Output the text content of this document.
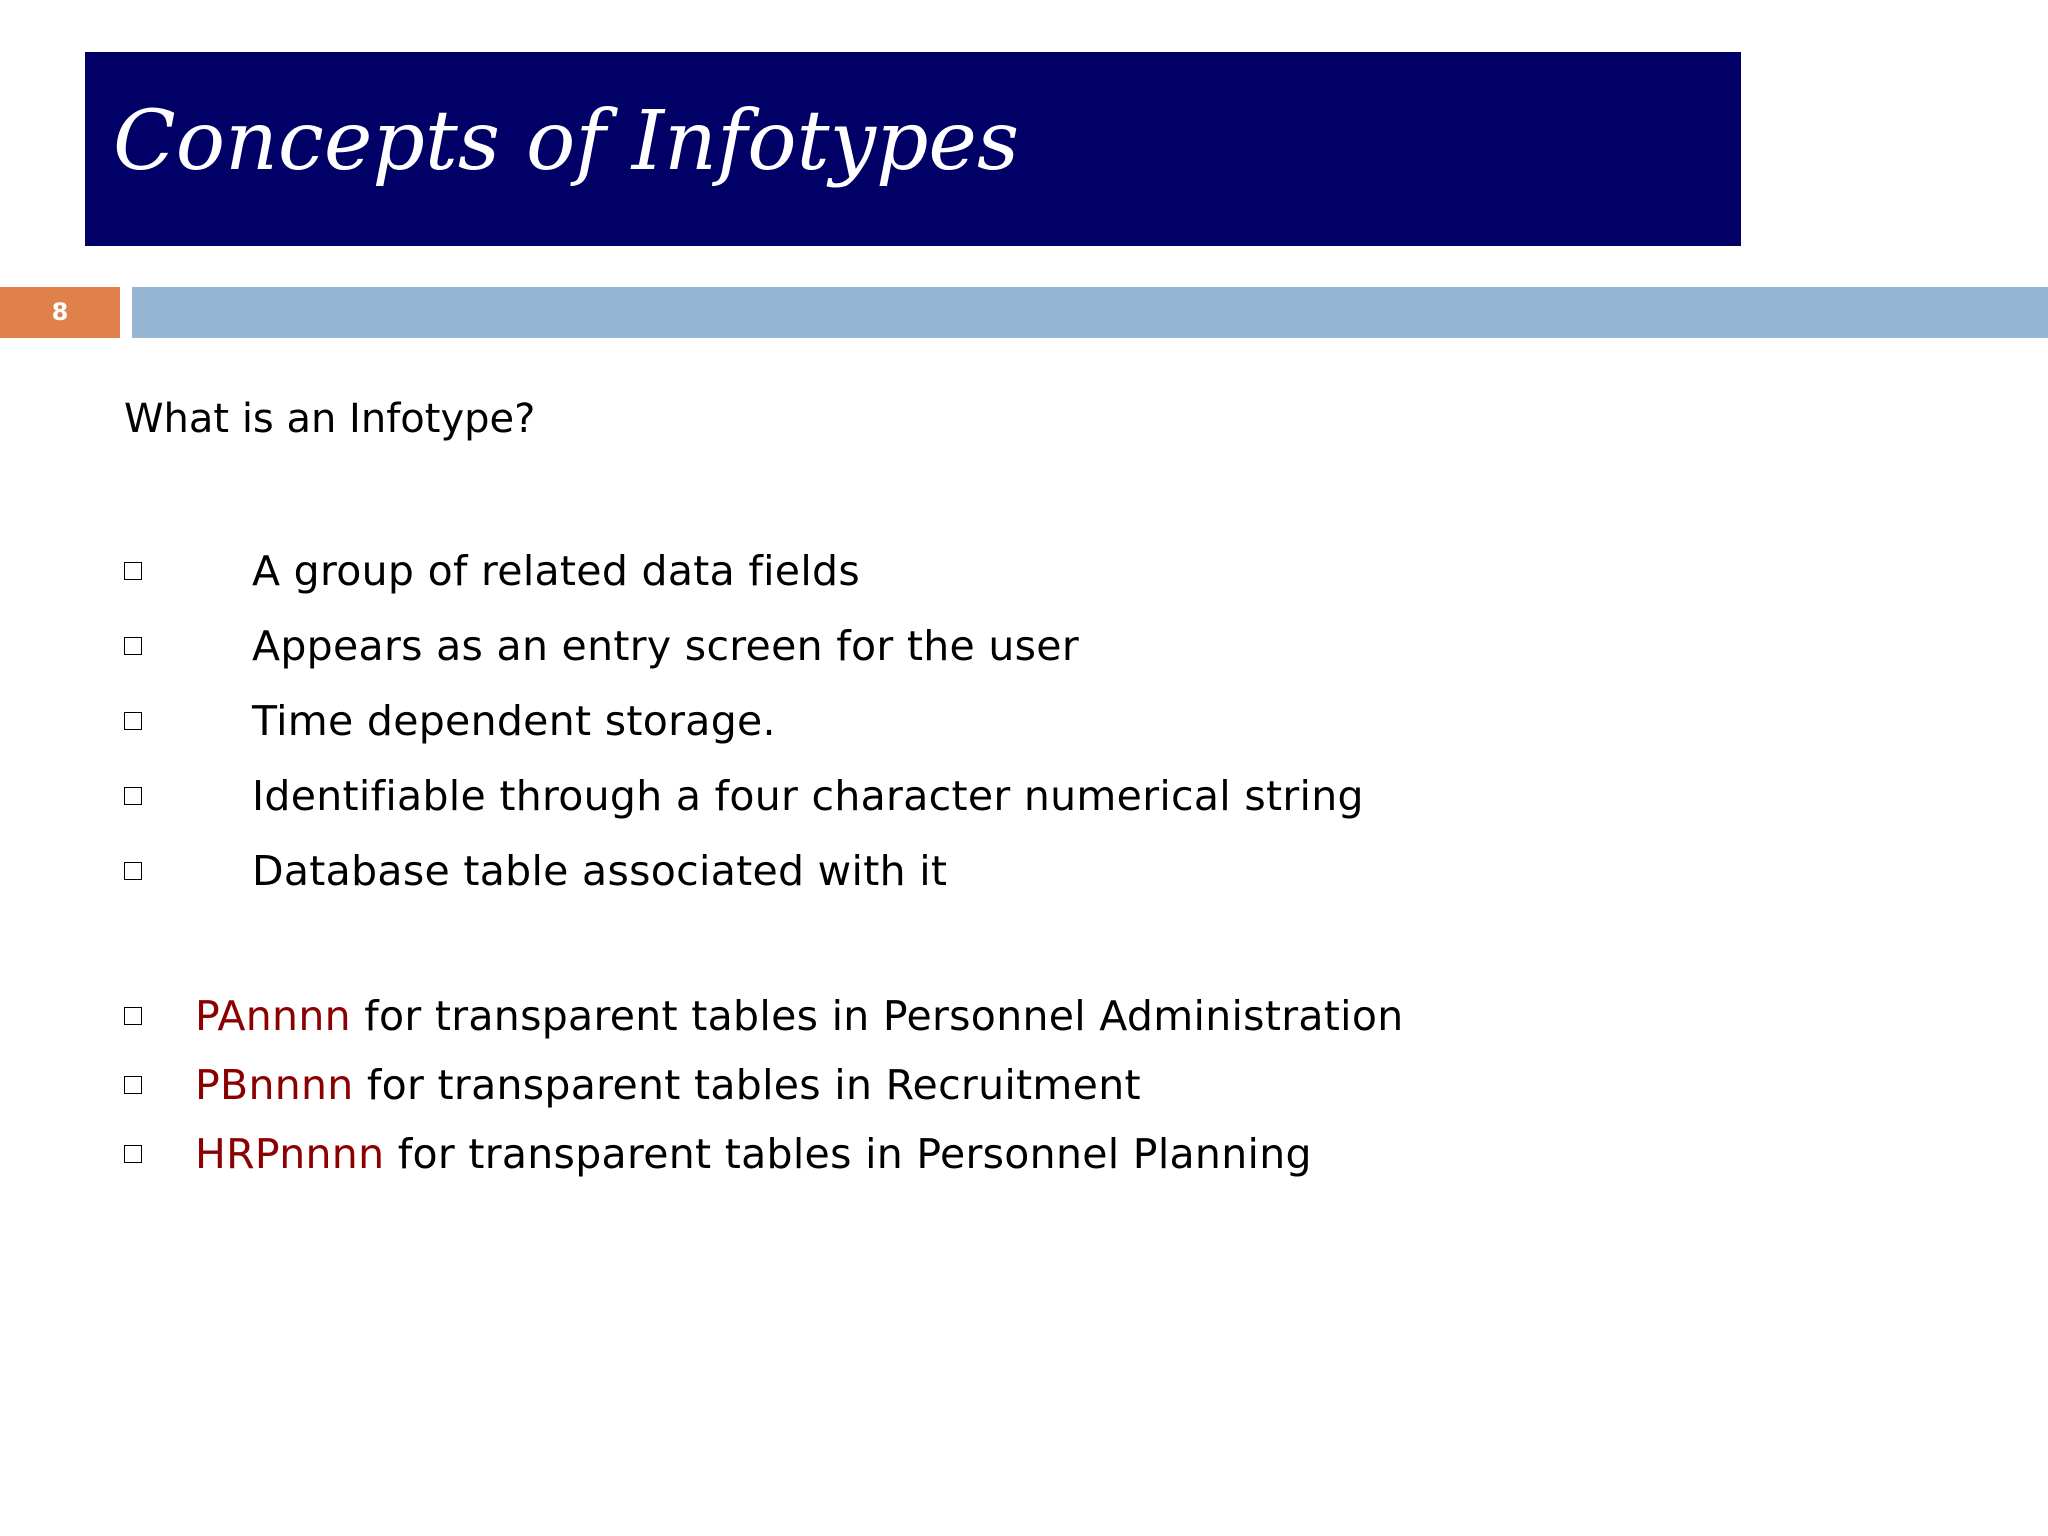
Concepts of Infotypes
8
What is an Infotype?
A group of related data fields
Appears as an entry screen for the user
Time dependent storage.
Identifiable through a four character numerical string
Database table associated with it
PAnnnn for transparent tables in Personnel Administration
PBnnnn for transparent tables in Recruitment
HRPnnnn for transparent tables in Personnel Planning
